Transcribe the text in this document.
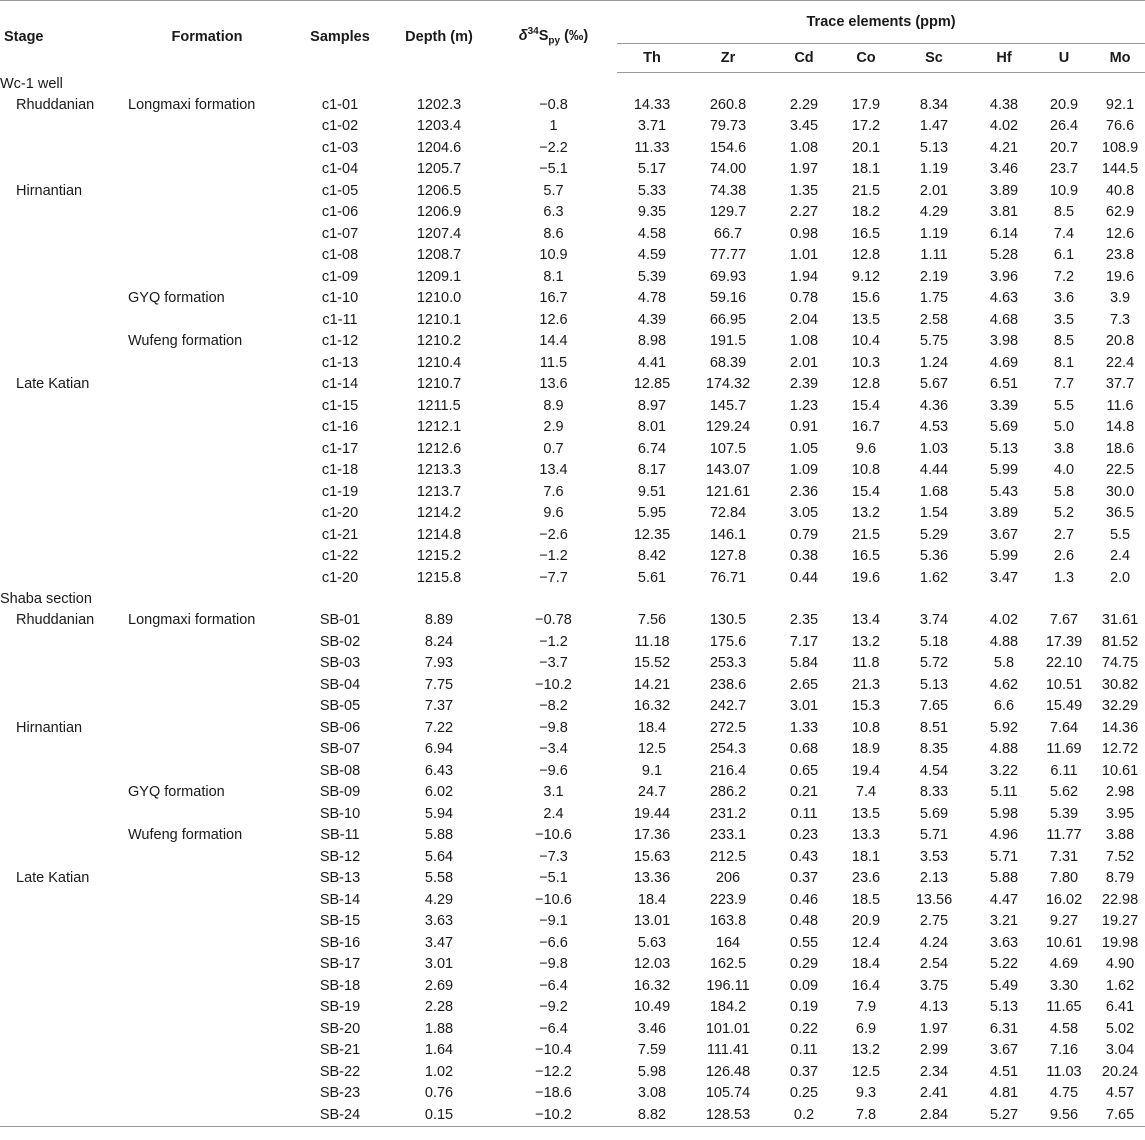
Stage	Formation	Samples	Depth (m)	$\delta^{34}S_{py}$ (‰)	Trace elements (ppm)							
					Th	Zr	Cd	Co	Sc	Hf	U	Mo
Wc-1 well												
Rhuddanian	Longmaxi formation	c1-01	1202.3	−0.8	14.33	260.8	2.29	17.9	8.34	4.38	20.9	92.1
		c1-02	1203.4	1	3.71	79.73	3.45	17.2	1.47	4.02	26.4	76.6
		c1-03	1204.6	−2.2	11.33	154.6	1.08	20.1	5.13	4.21	20.7	108.9
		c1-04	1205.7	−5.1	5.17	74.00	1.97	18.1	1.19	3.46	23.7	144.5
Hirnantian		c1-05	1206.5	5.7	5.33	74.38	1.35	21.5	2.01	3.89	10.9	40.8
		c1-06	1206.9	6.3	9.35	129.7	2.27	18.2	4.29	3.81	8.5	62.9
		c1-07	1207.4	8.6	4.58	66.7	0.98	16.5	1.19	6.14	7.4	12.6
		c1-08	1208.7	10.9	4.59	77.77	1.01	12.8	1.11	5.28	6.1	23.8
		c1-09	1209.1	8.1	5.39	69.93	1.94	9.12	2.19	3.96	7.2	19.6
	GYQ formation	c1-10	1210.0	16.7	4.78	59.16	0.78	15.6	1.75	4.63	3.6	3.9
		c1-11	1210.1	12.6	4.39	66.95	2.04	13.5	2.58	4.68	3.5	7.3
	Wufeng formation	c1-12	1210.2	14.4	8.98	191.5	1.08	10.4	5.75	3.98	8.5	20.8
		c1-13	1210.4	11.5	4.41	68.39	2.01	10.3	1.24	4.69	8.1	22.4
Late Katian		c1-14	1210.7	13.6	12.85	174.32	2.39	12.8	5.67	6.51	7.7	37.7
		c1-15	1211.5	8.9	8.97	145.7	1.23	15.4	4.36	3.39	5.5	11.6
		c1-16	1212.1	2.9	8.01	129.24	0.91	16.7	4.53	5.69	5.0	14.8
		c1-17	1212.6	0.7	6.74	107.5	1.05	9.6	1.03	5.13	3.8	18.6
		c1-18	1213.3	13.4	8.17	143.07	1.09	10.8	4.44	5.99	4.0	22.5
		c1-19	1213.7	7.6	9.51	121.61	2.36	15.4	1.68	5.43	5.8	30.0
		c1-20	1214.2	9.6	5.95	72.84	3.05	13.2	1.54	3.89	5.2	36.5
		c1-21	1214.8	−2.6	12.35	146.1	0.79	21.5	5.29	3.67	2.7	5.5
		c1-22	1215.2	−1.2	8.42	127.8	0.38	16.5	5.36	5.99	2.6	2.4
		c1-20	1215.8	−7.7	5.61	76.71	0.44	19.6	1.62	3.47	1.3	2.0
Shaba section												
Rhuddanian	Longmaxi formation	SB-01	8.89	−0.78	7.56	130.5	2.35	13.4	3.74	4.02	7.67	31.61
		SB-02	8.24	−1.2	11.18	175.6	7.17	13.2	5.18	4.88	17.39	81.52
		SB-03	7.93	−3.7	15.52	253.3	5.84	11.8	5.72	5.8	22.10	74.75
		SB-04	7.75	−10.2	14.21	238.6	2.65	21.3	5.13	4.62	10.51	30.82
		SB-05	7.37	−8.2	16.32	242.7	3.01	15.3	7.65	6.6	15.49	32.29
Hirnantian		SB-06	7.22	−9.8	18.4	272.5	1.33	10.8	8.51	5.92	7.64	14.36
		SB-07	6.94	−3.4	12.5	254.3	0.68	18.9	8.35	4.88	11.69	12.72
		SB-08	6.43	−9.6	9.1	216.4	0.65	19.4	4.54	3.22	6.11	10.61
	GYQ formation	SB-09	6.02	3.1	24.7	286.2	0.21	7.4	8.33	5.11	5.62	2.98
		SB-10	5.94	2.4	19.44	231.2	0.11	13.5	5.69	5.98	5.39	3.95
	Wufeng formation	SB-11	5.88	−10.6	17.36	233.1	0.23	13.3	5.71	4.96	11.77	3.88
		SB-12	5.64	−7.3	15.63	212.5	0.43	18.1	3.53	5.71	7.31	7.52
Late Katian		SB-13	5.58	−5.1	13.36	206	0.37	23.6	2.13	5.88	7.80	8.79
		SB-14	4.29	−10.6	18.4	223.9	0.46	18.5	13.56	4.47	16.02	22.98
		SB-15	3.63	−9.1	13.01	163.8	0.48	20.9	2.75	3.21	9.27	19.27
		SB-16	3.47	−6.6	5.63	164	0.55	12.4	4.24	3.63	10.61	19.98
		SB-17	3.01	−9.8	12.03	162.5	0.29	18.4	2.54	5.22	4.69	4.90
		SB-18	2.69	−6.4	16.32	196.11	0.09	16.4	3.75	5.49	3.30	1.62
		SB-19	2.28	−9.2	10.49	184.2	0.19	7.9	4.13	5.13	11.65	6.41
		SB-20	1.88	−6.4	3.46	101.01	0.22	6.9	1.97	6.31	4.58	5.02
		SB-21	1.64	−10.4	7.59	111.41	0.11	13.2	2.99	3.67	7.16	3.04
		SB-22	1.02	−12.2	5.98	126.48	0.37	12.5	2.34	4.51	11.03	20.24
		SB-23	0.76	−18.6	3.08	105.74	0.25	9.3	2.41	4.81	4.75	4.57
		SB-24	0.15	−10.2	8.82	128.53	0.2	7.8	2.84	5.27	9.56	7.65
